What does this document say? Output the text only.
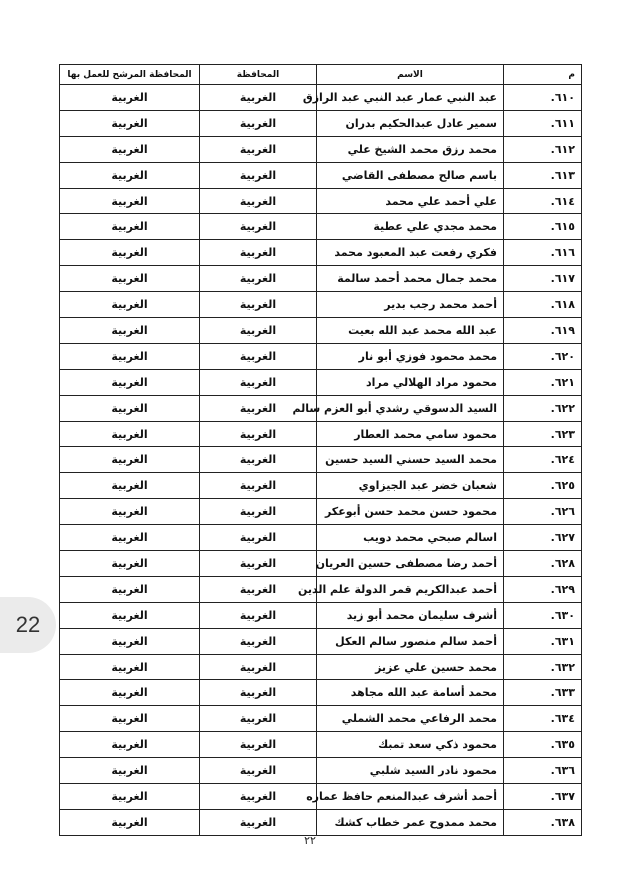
م	الاسم	المحافظة	المحافظة المرشح للعمل بها
٦١٠.	عبد النبي عمار عبد النبي عبد الرازق	الغربية	الغربية
٦١١.	سمير عادل عبدالحكيم بدران	الغربية	الغربية
٦١٢.	محمد رزق محمد الشيخ علي	الغربية	الغربية
٦١٣.	باسم صالح مصطفى القاضي	الغربية	الغربية
٦١٤.	علي أحمد علي محمد	الغربية	الغربية
٦١٥.	محمد مجدي علي عطية	الغربية	الغربية
٦١٦.	فكري رفعت عبد المعبود محمد	الغربية	الغربية
٦١٧.	محمد جمال محمد أحمد سالمة	الغربية	الغربية
٦١٨.	أحمد محمد رجب بدير	الغربية	الغربية
٦١٩.	عبد الله محمد عبد الله بعيت	الغربية	الغربية
٦٢٠.	محمد محمود فوزي أبو نار	الغربية	الغربية
٦٢١.	محمود مراد الهلالي مراد	الغربية	الغربية
٦٢٢.	السيد الدسوقي رشدي أبو العزم سالم	الغربية	الغربية
٦٢٣.	محمود سامي محمد العطار	الغربية	الغربية
٦٢٤.	محمد السيد حسني السيد حسين	الغربية	الغربية
٦٢٥.	شعبان خضر عبد الجيزاوي	الغربية	الغربية
٦٢٦.	محمود حسن محمد حسن أبوعكر	الغربية	الغربية
٦٢٧.	اسالم صبحي محمد دويب	الغربية	الغربية
٦٢٨.	أحمد رضا مصطفى حسين العريان	الغربية	الغربية
٦٢٩.	أحمد عبدالكريم قمر الدولة علم الدين	الغربية	الغربية
٦٣٠.	أشرف سليمان محمد أبو زيد	الغربية	الغربية
٦٣١.	أحمد سالم منصور سالم العكل	الغربية	الغربية
٦٣٢.	محمد حسين علي عزيز	الغربية	الغربية
٦٣٣.	محمد أسامة عبد الله مجاهد	الغربية	الغربية
٦٣٤.	محمد الرفاعي محمد الشملي	الغربية	الغربية
٦٣٥.	محمود ذكي سعد تمبك	الغربية	الغربية
٦٣٦.	محمود نادر السيد شلبي	الغربية	الغربية
٦٣٧.	أحمد أشرف عبدالمنعم حافظ عماره	الغربية	الغربية
٦٣٨.	محمد ممدوح عمر خطاب كشك	الغربية	الغربية
٢٢
22
